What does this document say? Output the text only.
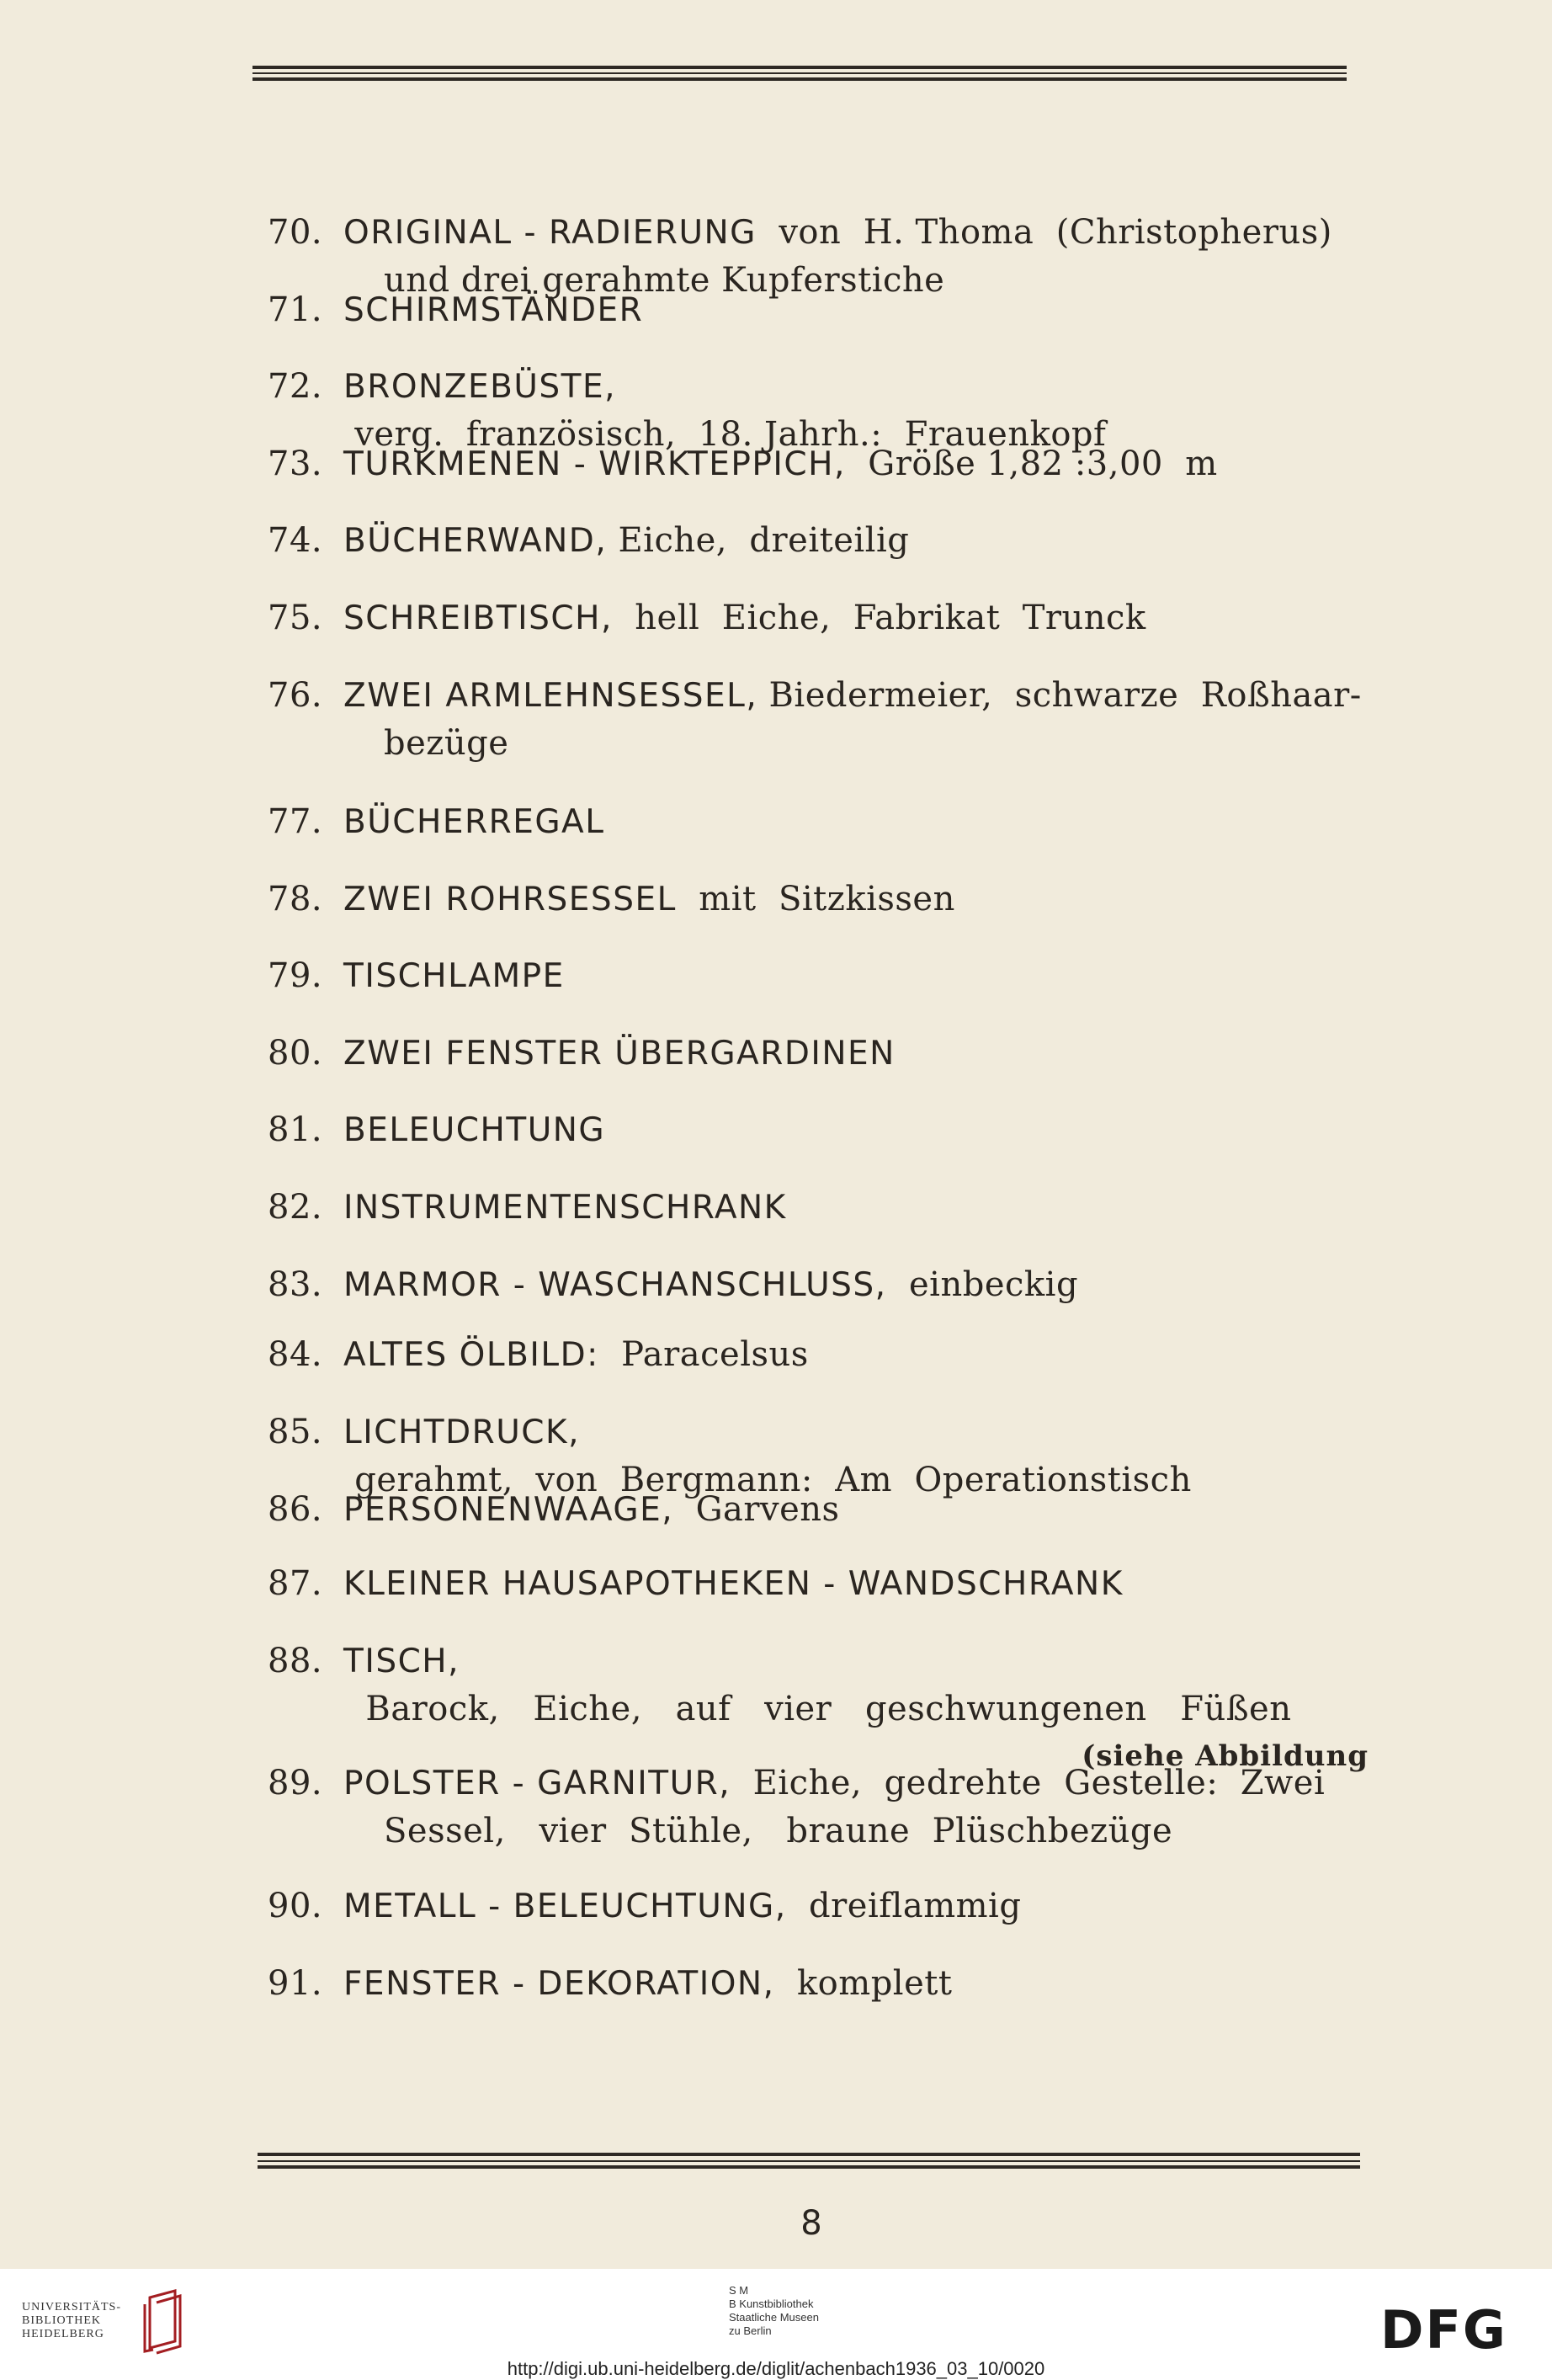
70. ORIGINAL - RADIERUNG  von  H. Thoma  (Christopherus)
und drei gerahmte Kupferstiche
71. SCHIRMSTÄNDER
72. BRONZEBÜSTE, verg.  französisch,  18. Jahrh.:  Frauenkopf
73. TURKMENEN - WIRKTEPPICH,  Größe 1,82 :3,00  m
74. BÜCHERWAND, Eiche,  dreiteilig
75. SCHREIBTISCH,  hell  Eiche,  Fabrikat  Trunck
76. ZWEI ARMLEHNSESSEL, Biedermeier,  schwarze  Roßhaar-
bezüge
77. BÜCHERREGAL
78. ZWEI ROHRSESSEL  mit  Sitzkissen
79. TISCHLAMPE
80. ZWEI FENSTER ÜBERGARDINEN
81. BELEUCHTUNG
82. INSTRUMENTENSCHRANK
83. MARMOR - WASCHANSCHLUSS,  einbeckig
84. ALTES ÖLBILD:  Paracelsus
85. LICHTDRUCK, gerahmt,  von  Bergmann:  Am  Operationstisch
86. PERSONENWAAGE,  Garvens
87. KLEINER HAUSAPOTHEKEN - WANDSCHRANK
88. TISCH,  Barock,   Eiche,   auf   vier   geschwungenen   Füßen
(siehe Abbildung
89. POLSTER - GARNITUR,  Eiche,  gedrehte  Gestelle:  Zwei
Sessel,   vier  Stühle,   braune  Plüschbezüge
90. METALL - BELEUCHTUNG,  dreiflammig
91. FENSTER - DEKORATION,  komplett
8
UNIVERSITÄTS-
BIBLIOTHEK
HEIDELBERG
S M
B Kunstbibliothek
Staatliche Museen
zu Berlin	DFG
http://digi.ub.uni-heidelberg.de/diglit/achenbach1936_03_10/0020
